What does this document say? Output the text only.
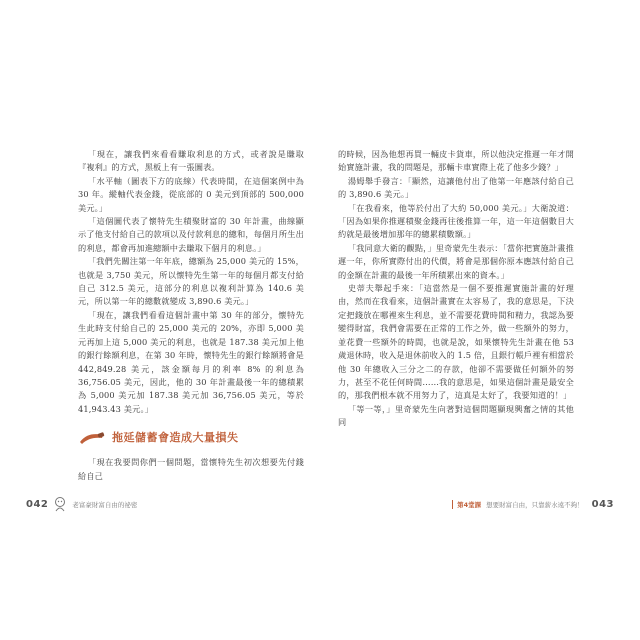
「現在，讓我們來看看賺取利息的方式，或者說是賺取『複利』的方式，黑板上有一張圖表。

「水平軸（圖表下方的底線）代表時間，在這個案例中為 30 年。縱軸代表金錢，從底部的 0 美元到頂部的 500,000 美元。」

「這個圖代表了懷特先生積聚財富的 30 年計畫，曲線顯示了他支付給自己的款項以及付款利息的總和，每個月所生出的利息，都會再加進總額中去賺取下個月的利息。」

「我們先關注第一年年底，總額為 25,000 美元的 15%，也就是 3,750 美元，所以懷特先生第一年的每個月都支付給自己 312.5 美元，這部分的利息以複利計算為 140.6 美元，所以第一年的總數就變成 3,890.6 美元。」

「現在，讓我們看看這個計畫中第 30 年的部分，懷特先生此時支付給自己的 25,000 美元的 20%，亦即 5,000 美元再加上這 5,000 美元的利息，也就是 187.38 美元加上他的銀行餘額利息，在第 30 年時，懷特先生的銀行餘額將會是 442,849.28 美元，該金額每月的利率 8% 的利息為 36,756.05 美元，因此，他的 30 年計畫最後一年的總積累為 5,000 美元加 187.38 美元加 36,756.05 美元，等於 41,943.43 美元。」

拖延儲蓄會造成大量損失

「現在我要問你們一個問題，當懷特先生初次想要先付錢給自己

042	老富豪財富自由的祕密

的時候，因為他想再買一輛皮卡貨車，所以他決定推遲一年才開始實施計畫，我的問題是，那輛卡車實際上花了他多少錢？」

湯姆舉手發言：「顯然，這讓他付出了他第一年應該付給自己的 3,890.6 美元。」

「在我看來，他等於付出了大約 50,000 美元。」大衛說道：「因為如果你推遲積聚金錢再往後推算一年，這一年這個數目大約就是最後增加那年的總累積數額。」

「我同意大衛的觀點，」里奇蒙先生表示：「當你把實施計畫推遲一年，你所實際付出的代價，將會是那個你原本應該付給自己的金額在計畫的最後一年所積累出來的資本。」

史蒂夫舉起手來：「這當然是一個不要推遲實施計畫的好理由，然而在我看來，這個計畫實在太容易了，我的意思是，下決定把錢放在哪裡來生利息，並不需要花費時間和精力，我認為要變得財富，我們會需要在正常的工作之外，做一些額外的努力，並花費一些額外的時間，也就是說，如果懷特先生計畫在他 53 歲退休時，收入是退休前收入的 1.5 倍，且銀行帳戶裡有相當於他 30 年總收入三分之二的存款，他卻不需要做任何額外的努力，甚至不花任何時間……我的意思是，如果這個計畫是最安全的，那我們根本就不用努力了，這真是太好了，我要知道的！」

「等一等，」里奇蒙先生向著對這個問題顯現興奮之情的其他同

第4堂課 想要財富自由，只靠薪水遠不夠！ 043
